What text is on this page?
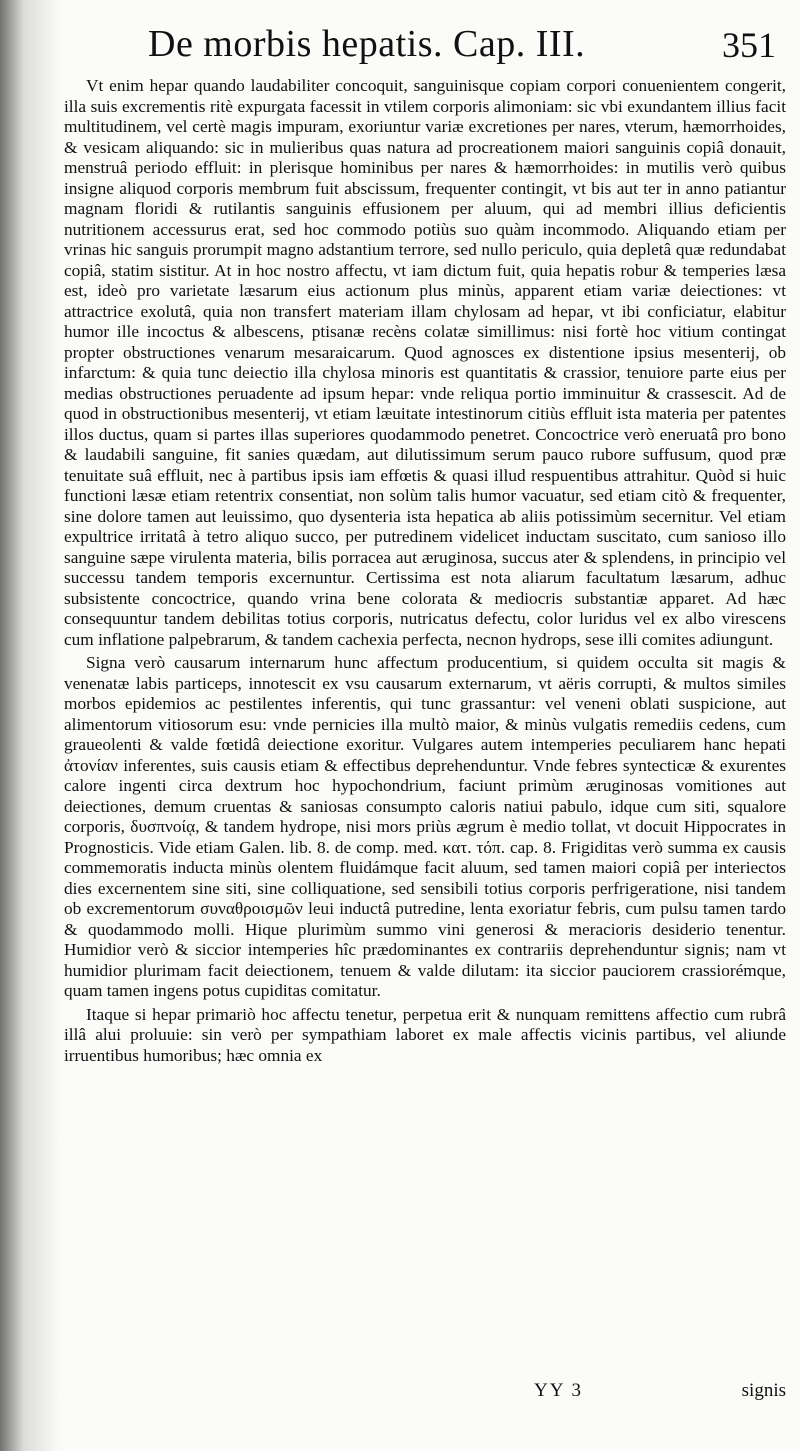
De morbis hepatis. Cap. III.	351

Vt enim hepar quando laudabiliter concoquit, sanguinisque copiam corpori conuenientem congerit, illa suis excrementis ritè expurgata facessit in vtilem corporis alimoniam: sic vbi exundantem illius facit multitudinem, vel certè magis impuram, exoriuntur variæ excretiones per nares, vterum, hæmorrhoides, & vesicam aliquando: sic in mulieribus quas natura ad procreationem maiori sanguinis copiâ donauit, menstruâ periodo effluit: in plerisque hominibus per nares & hæmorrhoides: in mutilis verò quibus insigne aliquod corporis membrum fuit abscissum, frequenter contingit, vt bis aut ter in anno patiantur magnam floridi & rutilantis sanguinis effusionem per aluum, qui ad membri illius deficientis nutritionem accessurus erat, sed hoc commodo potiùs suo quàm incommodo. Aliquando etiam per vrinas hic sanguis prorumpit magno adstantium terrore, sed nullo periculo, quia depletâ quæ redundabat copiâ, statim sistitur. At in hoc nostro affectu, vt iam dictum fuit, quia hepatis robur & temperies læsa est, ideò pro varietate læsarum eius actionum plus minùs, apparent etiam variæ deiectiones: vt attractrice exolutâ, quia non transfert materiam illam chylosam ad hepar, vt ibi conficiatur, elabitur humor ille incoctus & albescens, ptisanæ recèns colatæ simillimus: nisi fortè hoc vitium contingat propter obstructiones venarum mesaraicarum. Quod agnosces ex distentione ipsius mesenterij, ob infarctum: & quia tunc deiectio illa chylosa minoris est quantitatis & crassior, tenuiore parte eius per medias obstructiones peruadente ad ipsum hepar: vnde reliqua portio imminuitur & crassescit. Ad de quod in obstructionibus mesenterij, vt etiam læuitate intestinorum citiùs effluit ista materia per patentes illos ductus, quam si partes illas superiores quodammodo penetret. Concoctrice verò eneruatâ pro bono & laudabili sanguine, fit sanies quædam, aut dilutissimum serum pauco rubore suffusum, quod præ tenuitate suâ effluit, nec à partibus ipsis iam effœtis & quasi illud respuentibus attrahitur. Quòd si huic functioni læsæ etiam retentrix consentiat, non solùm talis humor vacuatur, sed etiam citò & frequenter, sine dolore tamen aut leuissimo, quo dysenteria ista hepatica ab aliis potissimùm secernitur. Vel etiam expultrice irritatâ à tetro aliquo succo, per putredinem videlicet inductam suscitato, cum sanioso illo sanguine sæpe virulenta materia, bilis porracea aut æruginosa, succus ater & splendens, in principio vel successu tandem temporis excernuntur. Certissima est nota aliarum facultatum læsarum, adhuc subsistente concoctrice, quando vrina bene colorata & mediocris substantiæ apparet. Ad hæc consequuntur tandem debilitas totius corporis, nutricatus defectu, color luridus vel ex albo virescens cum inflatione palpebrarum, & tandem cachexia perfecta, necnon hydrops, sese illi comites adiungunt.

Signa verò causarum internarum hunc affectum producentium, si quidem occulta sit magis & venenatæ labis particeps, innotescit ex vsu causarum externarum, vt aëris corrupti, & multos similes morbos epidemios ac pestilentes inferentis, qui tunc grassantur: vel veneni oblati suspicione, aut alimentorum vitiosorum esu: vnde pernicies illa multò maior, & minùs vulgatis remediis cedens, cum graueolenti & valde fœtidâ deiectione exoritur. Vulgares autem intemperies peculiarem hanc hepati ἀτονίαν inferentes, suis causis etiam & effectibus deprehenduntur. Vnde febres syntecticæ & exurentes calore ingenti circa dextrum hoc hypochondrium, faciunt primùm æruginosas vomitiones aut deiectiones, demum cruentas & saniosas consumpto caloris natiui pabulo, idque cum siti, squalore corporis, δυσπνοίᾳ, & tandem hydrope, nisi mors priùs ægrum è medio tollat, vt docuit Hippocrates in Prognosticis. Vide etiam Galen. lib. 8. de comp. med. κατ. τόπ. cap. 8. Frigiditas verò summa ex causis commemoratis inducta minùs olentem fluidámque facit aluum, sed tamen maiori copiâ per interiectos dies excernentem sine siti, sine colliquatione, sed sensibili totius corporis perfrigeratione, nisi tandem ob excrementorum συναθροισμῶν leui inductâ putredine, lenta exoriatur febris, cum pulsu tamen tardo & quodammodo molli. Hique plurimùm summo vini generosi & meracioris desiderio tenentur. Humidior verò & siccior intemperies hîc prædominantes ex contrariis deprehenduntur signis; nam vt humidior plurimam facit deiectionem, tenuem & valde dilutam: ita siccior pauciorem crassiorémque, quam tamen ingens potus cupiditas comitatur.

Itaque si hepar primariò hoc affectu tenetur, perpetua erit & nunquam remittens affectio cum rubrâ illâ alui proluuie: sin verò per sympathiam laboret ex male affectis vicinis partibus, vel aliunde irruentibus humoribus; hæc omnia ex

YY 3	signis
